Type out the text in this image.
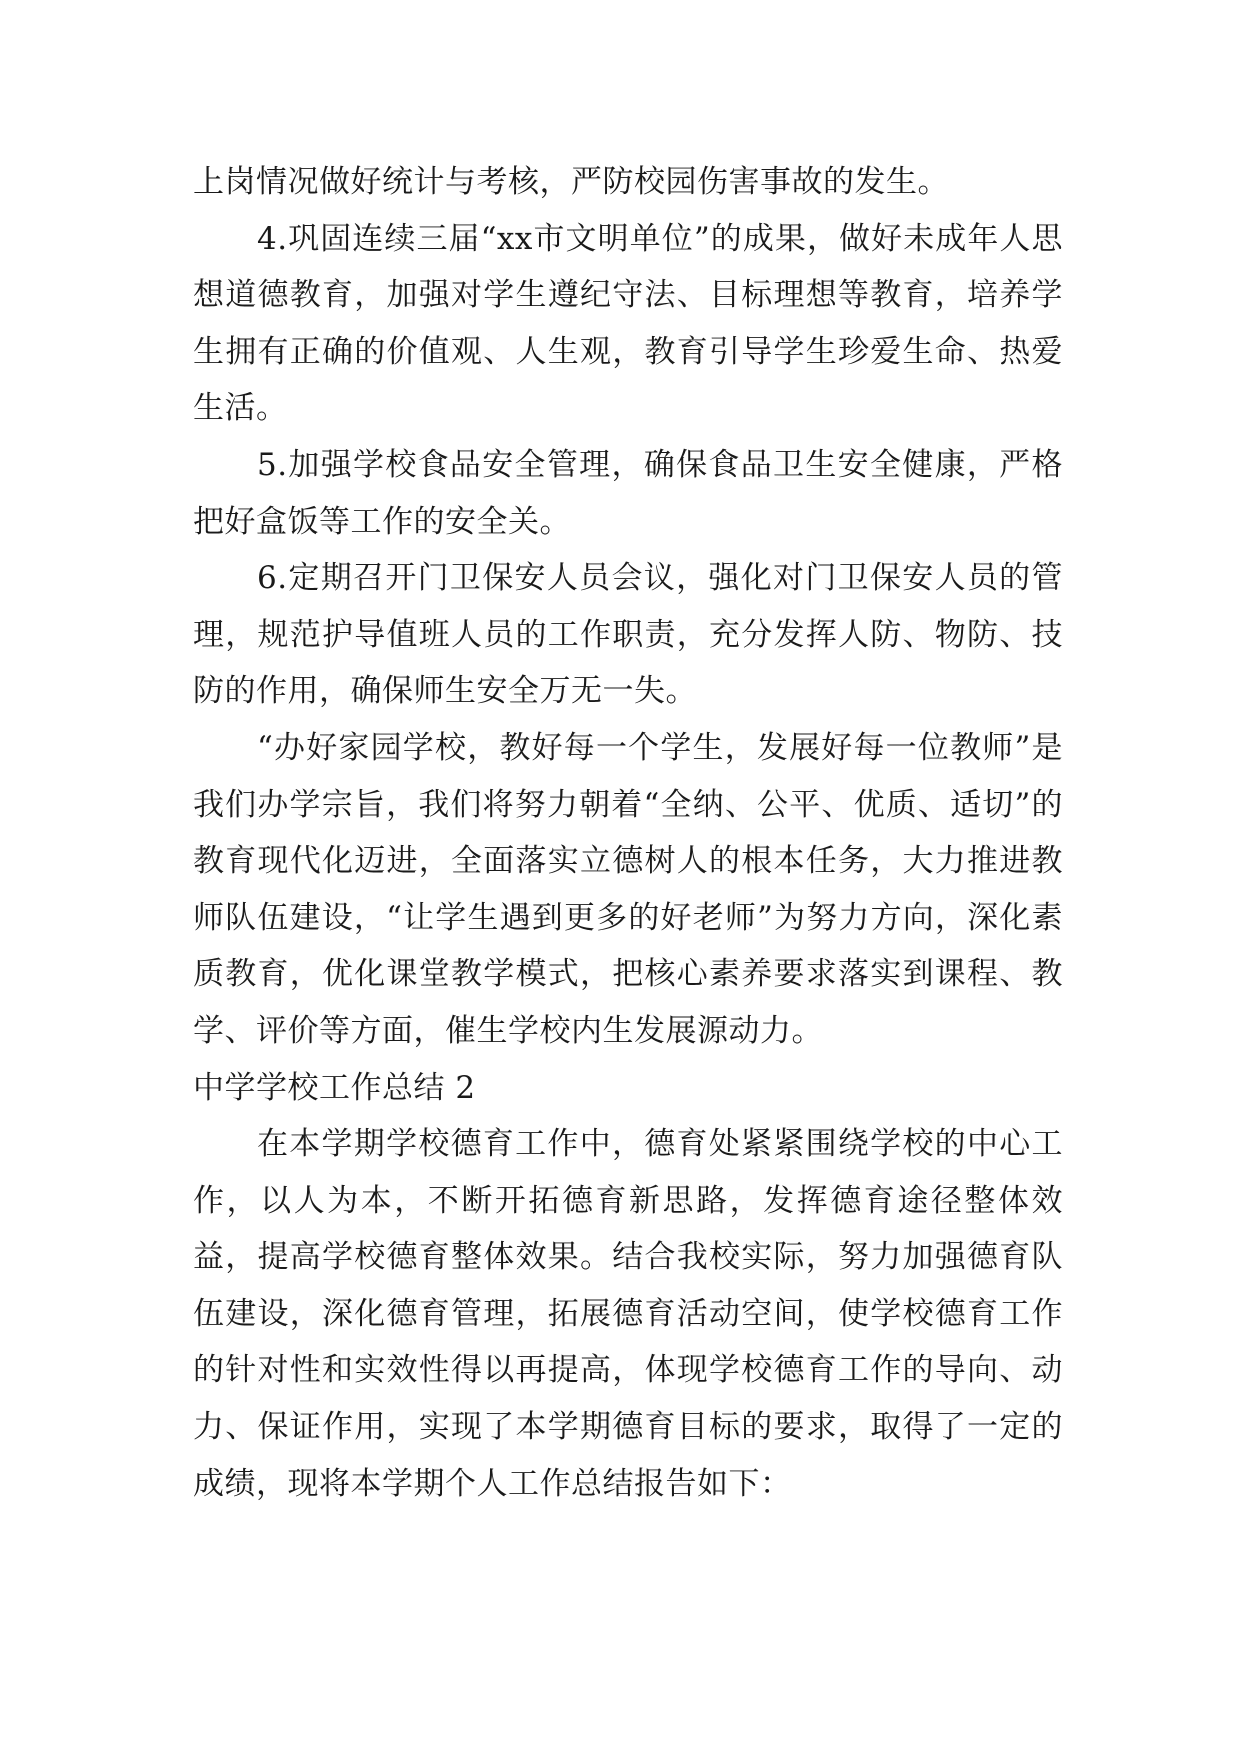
上岗情况做好统计与考核，严防校园伤害事故的发生。

4.巩固连续三届“xx市文明单位”的成果，做好未成年人思想道德教育，加强对学生遵纪守法、目标理想等教育，培养学生拥有正确的价值观、人生观，教育引导学生珍爱生命、热爱生活。

5.加强学校食品安全管理，确保食品卫生安全健康，严格把好盒饭等工作的安全关。

6.定期召开门卫保安人员会议，强化对门卫保安人员的管理，规范护导值班人员的工作职责，充分发挥人防、物防、技防的作用，确保师生安全万无一失。

“办好家园学校，教好每一个学生，发展好每一位教师”是我们办学宗旨，我们将努力朝着“全纳、公平、优质、适切”的教育现代化迈进，全面落实立德树人的根本任务，大力推进教师队伍建设，“让学生遇到更多的好老师”为努力方向，深化素质教育，优化课堂教学模式，把核心素养要求落实到课程、教学、评价等方面，催生学校内生发展源动力。

中学学校工作总结 2

在本学期学校德育工作中，德育处紧紧围绕学校的中心工作，以人为本，不断开拓德育新思路，发挥德育途径整体效益，提高学校德育整体效果。结合我校实际，努力加强德育队伍建设，深化德育管理，拓展德育活动空间，使学校德育工作的针对性和实效性得以再提高，体现学校德育工作的导向、动力、保证作用，实现了本学期德育目标的要求，取得了一定的成绩，现将本学期个人工作总结报告如下：
